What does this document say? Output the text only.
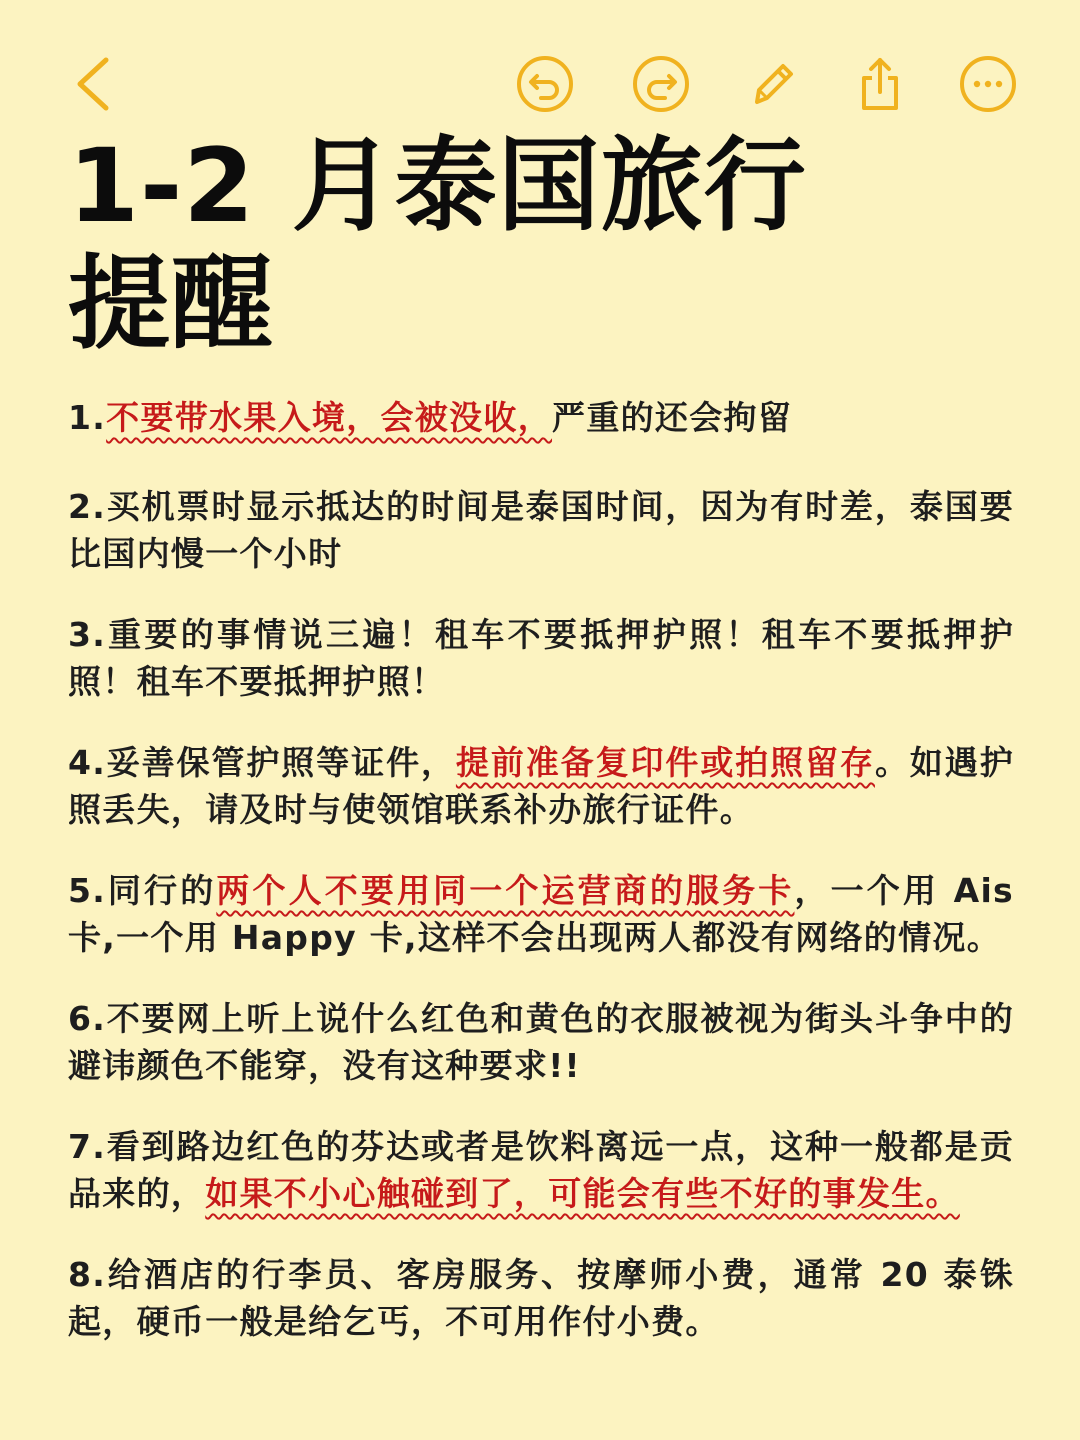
1-2 月泰国旅行
提醒
1.不要带水果入境，会被没收，严重的还会拘留
2.买机票时显示抵达的时间是泰国时间，因为有时差，泰国要比国内慢一个小时
3.重要的事情说三遍！租车不要抵押护照！租车不要抵押护照！租车不要抵押护照！
4.妥善保管护照等证件，提前准备复印件或拍照留存。如遇护照丢失，请及时与使领馆联系补办旅行证件。
5.同行的两个人不要用同一个运营商的服务卡，一个用 Ais 卡,一个用 Happy 卡,这样不会出现两人都没有网络的情况。
6.不要网上听上说什么红色和黄色的衣服被视为街头斗争中的避讳颜色不能穿，没有这种要求!!
7.看到路边红色的芬达或者是饮料离远一点，这种一般都是贡品来的，如果不小心触碰到了，可能会有些不好的事发生。
8.给酒店的行李员、客房服务、按摩师小费，通常 20 泰铢起，硬币一般是给乞丐，不可用作付小费。
